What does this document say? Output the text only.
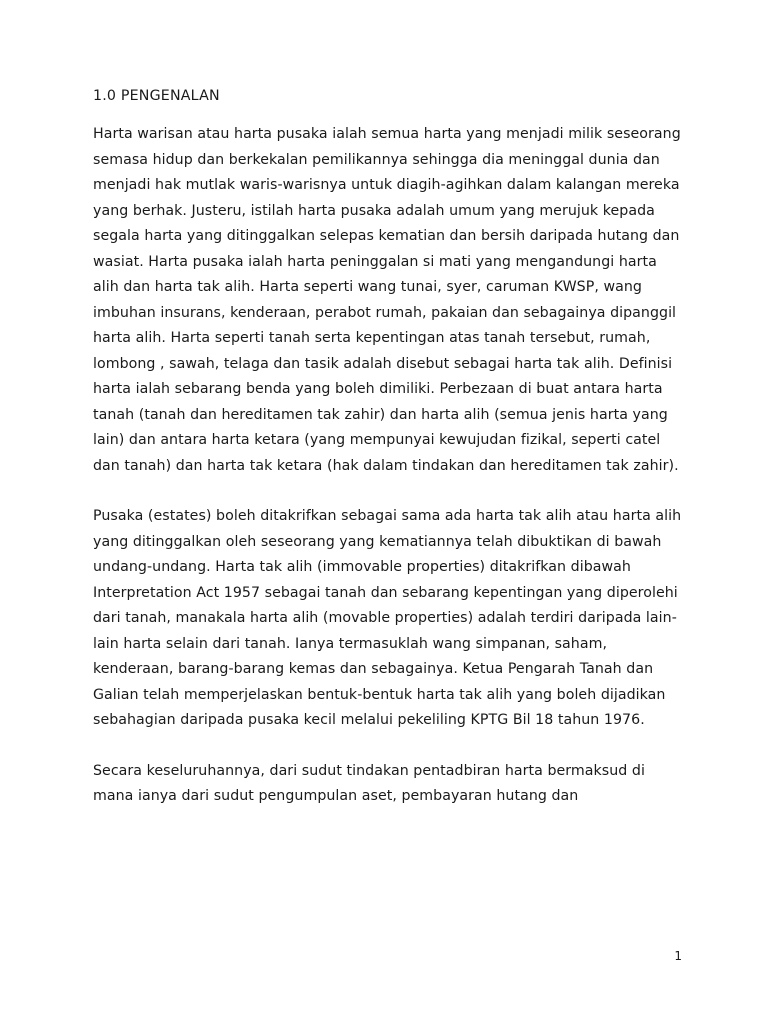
1.0 PENGENALAN

Harta warisan atau harta pusaka ialah semua harta yang menjadi milik seseorang semasa hidup dan berkekalan pemilikannya sehingga dia meninggal dunia dan menjadi hak mutlak waris-warisnya untuk diagih-agihkan dalam kalangan mereka yang berhak. Justeru, istilah harta pusaka adalah umum yang merujuk kepada segala harta yang ditinggalkan selepas kematian dan bersih daripada hutang dan wasiat. Harta pusaka ialah harta peninggalan si mati yang mengandungi harta alih dan harta tak alih. Harta seperti wang tunai, syer, caruman KWSP, wang imbuhan insurans, kenderaan, perabot rumah, pakaian dan sebagainya dipanggil harta alih. Harta seperti tanah serta kepentingan atas tanah tersebut, rumah, lombong , sawah, telaga dan tasik adalah disebut sebagai harta tak alih. Definisi harta ialah sebarang benda yang boleh dimiliki. Perbezaan di buat antara harta tanah (tanah dan hereditamen tak zahir) dan harta alih (semua jenis harta yang lain) dan antara harta ketara (yang mempunyai kewujudan fizikal, seperti catel dan tanah) dan harta tak ketara (hak dalam tindakan dan hereditamen tak zahir).

Pusaka (estates) boleh ditakrifkan sebagai sama ada harta tak alih atau harta alih yang ditinggalkan oleh seseorang yang kematiannya telah dibuktikan di bawah undang-undang. Harta tak alih (immovable properties) ditakrifkan dibawah Interpretation Act 1957 sebagai tanah dan sebarang kepentingan yang diperolehi dari tanah, manakala harta alih (movable properties) adalah terdiri daripada lain-lain harta selain dari tanah. Ianya termasuklah wang simpanan, saham, kenderaan, barang-barang kemas dan sebagainya. Ketua Pengarah Tanah dan Galian telah memperjelaskan bentuk-bentuk harta tak alih yang boleh dijadikan sebahagian daripada pusaka kecil melalui pekeliling KPTG Bil 18 tahun 1976.

Secara keseluruhannya, dari sudut tindakan pentadbiran harta bermaksud di mana ianya dari sudut pengumpulan aset, pembayaran hutang dan

1
